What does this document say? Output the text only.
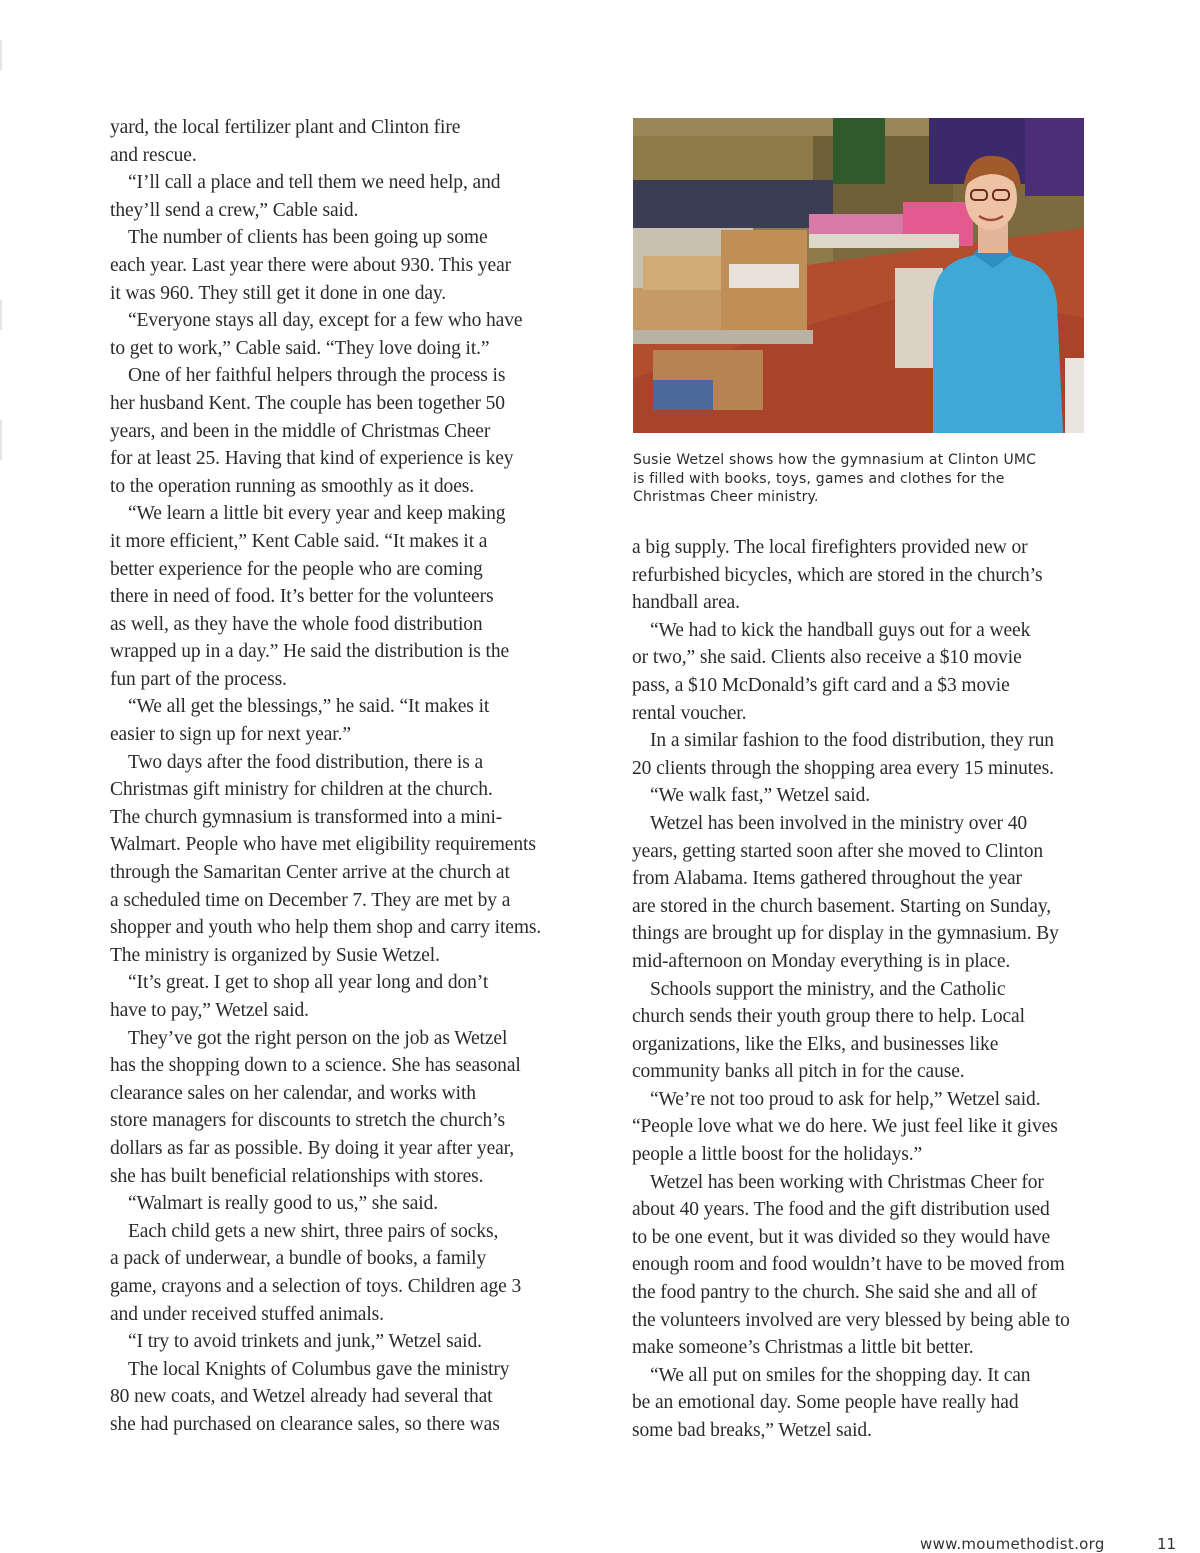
yard, the local fertilizer plant and Clinton fire
and rescue.
“I’ll call a place and tell them we need help, and
they’ll send a crew,” Cable said.
The number of clients has been going up some
each year. Last year there were about 930. This year
it was 960. They still get it done in one day.
“Everyone stays all day, except for a few who have
to get to work,” Cable said. “They love doing it.”
One of her faithful helpers through the process is
her husband Kent. The couple has been together 50
years, and been in the middle of Christmas Cheer
for at least 25. Having that kind of experience is key
to the operation running as smoothly as it does.
“We learn a little bit every year and keep making
it more efficient,” Kent Cable said. “It makes it a
better experience for the people who are coming
there in need of food. It’s better for the volunteers
as well, as they have the whole food distribution
wrapped up in a day.” He said the distribution is the
fun part of the process.
“We all get the blessings,” he said. “It makes it
easier to sign up for next year.”
Two days after the food distribution, there is a
Christmas gift ministry for children at the church.
The church gymnasium is transformed into a mini-
Walmart. People who have met eligibility requirements
through the Samaritan Center arrive at the church at
a scheduled time on December 7. They are met by a
shopper and youth who help them shop and carry items.
The ministry is organized by Susie Wetzel.
“It’s great. I get to shop all year long and don’t
have to pay,” Wetzel said.
They’ve got the right person on the job as Wetzel
has the shopping down to a science. She has seasonal
clearance sales on her calendar, and works with
store managers for discounts to stretch the church’s
dollars as far as possible. By doing it year after year,
she has built beneficial relationships with stores.
“Walmart is really good to us,” she said.
Each child gets a new shirt, three pairs of socks,
a pack of underwear, a bundle of books, a family
game, crayons and a selection of toys. Children age 3
and under received stuffed animals.
“I try to avoid trinkets and junk,” Wetzel said.
The local Knights of Columbus gave the ministry
80 new coats, and Wetzel already had several that
she had purchased on clearance sales, so there was
Susie Wetzel shows how the gymnasium at Clinton UMC
is filled with books, toys, games and clothes for the
Christmas Cheer ministry.
a big supply. The local firefighters provided new or
refurbished bicycles, which are stored in the church’s
handball area.
“We had to kick the handball guys out for a week
or two,” she said. Clients also receive a $10 movie
pass, a $10 McDonald’s gift card and a $3 movie
rental voucher.
In a similar fashion to the food distribution, they run
20 clients through the shopping area every 15 minutes.
“We walk fast,” Wetzel said.
Wetzel has been involved in the ministry over 40
years, getting started soon after she moved to Clinton
from Alabama. Items gathered throughout the year
are stored in the church basement. Starting on Sunday,
things are brought up for display in the gymnasium. By
mid-afternoon on Monday everything is in place.
Schools support the ministry, and the Catholic
church sends their youth group there to help. Local
organizations, like the Elks, and businesses like
community banks all pitch in for the cause.
“We’re not too proud to ask for help,” Wetzel said.
“People love what we do here. We just feel like it gives
people a little boost for the holidays.”
Wetzel has been working with Christmas Cheer for
about 40 years. The food and the gift distribution used
to be one event, but it was divided so they would have
enough room and food wouldn’t have to be moved from
the food pantry to the church. She said she and all of
the volunteers involved are very blessed by being able to
make someone’s Christmas a little bit better.
“We all put on smiles for the shopping day. It can
be an emotional day. Some people have really had
some bad breaks,” Wetzel said.
www.moumethodist.org	11
